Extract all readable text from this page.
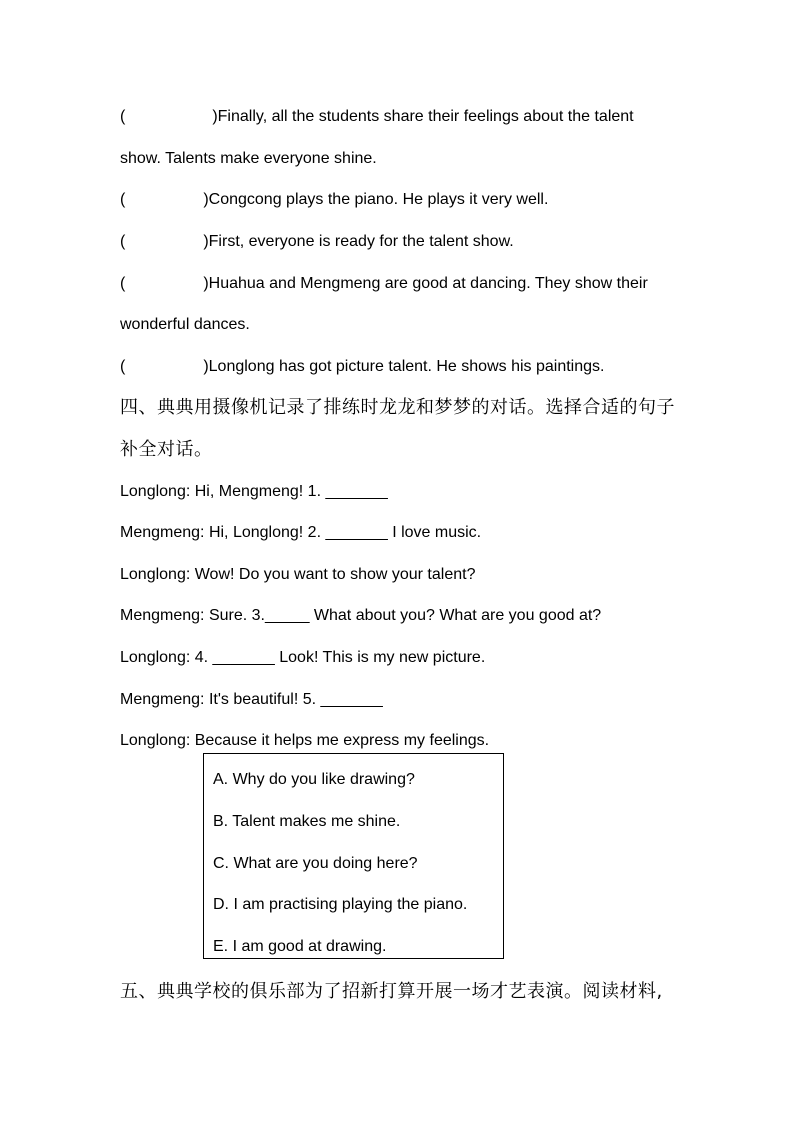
(	)Finally, all the students share their feelings about the talent
show. Talents make everyone shine.
(	)Congcong plays the piano. He plays it very well.
(	)First, everyone is ready for the talent show.
(	)Huahua and Mengmeng are good at dancing. They show their
wonderful dances.
(	)Longlong has got picture talent. He shows his paintings.
四、典典用摄像机记录了排练时龙龙和梦梦的对话。选择合适的句子
补全对话。
Longlong: Hi, Mengmeng! 1. _______
Mengmeng: Hi, Longlong! 2. _______ I love music.
Longlong: Wow! Do you want to show your talent?
Mengmeng: Sure. 3._____ What about you? What are you good at?
Longlong: 4. _______ Look! This is my new picture.
Mengmeng: It's beautiful! 5. _______
Longlong: Because it helps me express my feelings.
A. Why do you like drawing?
B. Talent makes me shine.
C. What are you doing here?
D. I am practising playing the piano.
E. I am good at drawing.
五、典典学校的俱乐部为了招新打算开展一场才艺表演。阅读材料,
